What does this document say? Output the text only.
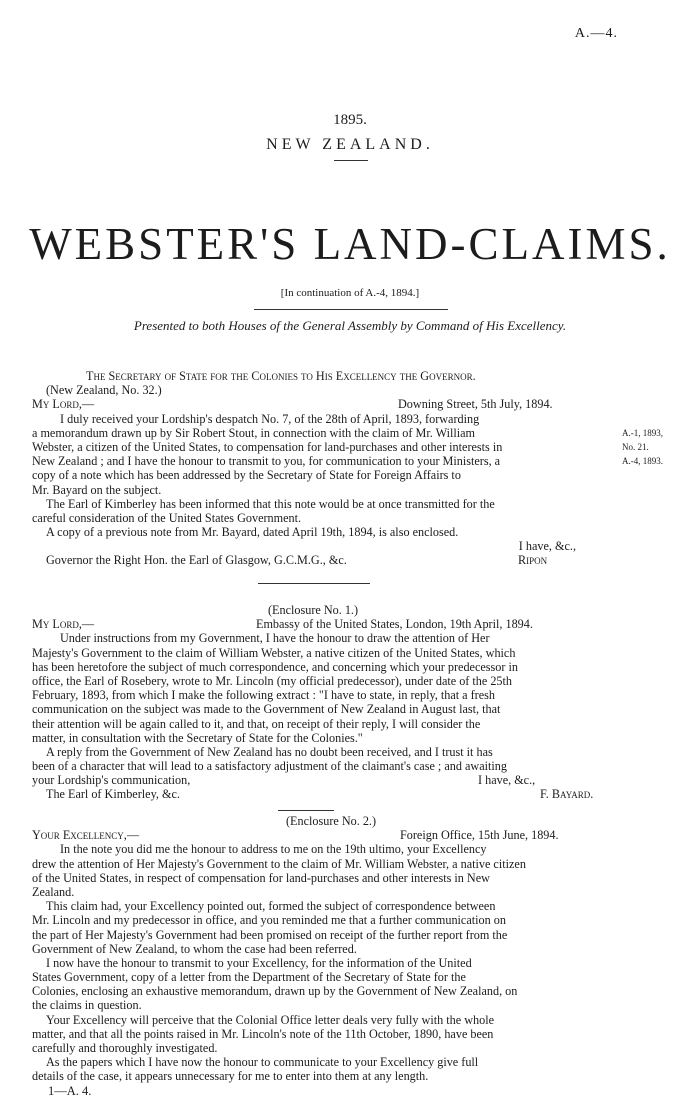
A.—4.
1895.
NEW ZEALAND.
WEBSTER'S LAND-CLAIMS.
[In continuation of A.-4, 1894.]
Presented to both Houses of the General Assembly by Command of His Excellency.
The Secretary of State for the Colonies to His Excellency the Governor.
(New Zealand, No. 32.)
My Lord,—	Downing Street, 5th July, 1894.
I duly received your Lordship's despatch No. 7, of the 28th of April, 1893, forwarding
a memorandum drawn up by Sir Robert Stout, in connection with the claim of Mr. William
Webster, a citizen of the United States, to compensation for land-purchases and other interests in
New Zealand ; and I have the honour to transmit to you, for communication to your Ministers, a
copy of a note which has been addressed by the Secretary of State for Foreign Affairs to
Mr. Bayard on the subject.
The Earl of Kimberley has been informed that this note would be at once transmitted for the
careful consideration of the United States Government.
A copy of a previous note from Mr. Bayard, dated April 19th, 1894, is also enclosed.
I have, &c.,
Governor the Right Hon. the Earl of Glasgow, G.C.M.G., &c.	Ripon
A.-1, 1893,
No. 21.
A.-4, 1893.
(Enclosure No. 1.)
My Lord,—	Embassy of the United States, London, 19th April, 1894.
Under instructions from my Government, I have the honour to draw the attention of Her
Majesty's Government to the claim of William Webster, a native citizen of the United States, which
has been heretofore the subject of much correspondence, and concerning which your predecessor in
office, the Earl of Rosebery, wrote to Mr. Lincoln (my official predecessor), under date of the 25th
February, 1893, from which I make the following extract : "I have to state, in reply, that a fresh
communication on the subject was made to the Government of New Zealand in August last, that
their attention will be again called to it, and that, on receipt of their reply, I will consider the
matter, in consultation with the Secretary of State for the Colonies."
A reply from the Government of New Zealand has no doubt been received, and I trust it has
been of a character that will lead to a satisfactory adjustment of the claimant's case ; and awaiting
your Lordship's communication,	I have, &c.,
The Earl of Kimberley, &c.	F. Bayard.
(Enclosure No. 2.)
Your Excellency,—	Foreign Office, 15th June, 1894.
In the note you did me the honour to address to me on the 19th ultimo, your Excellency
drew the attention of Her Majesty's Government to the claim of Mr. William Webster, a native citizen
of the United States, in respect of compensation for land-purchases and other interests in New
Zealand.
This claim had, your Excellency pointed out, formed the subject of correspondence between
Mr. Lincoln and my predecessor in office, and you reminded me that a further communication on
the part of Her Majesty's Government had been promised on receipt of the further report from the
Government of New Zealand, to whom the case had been referred.
I now have the honour to transmit to your Excellency, for the information of the United
States Government, copy of a letter from the Department of the Secretary of State for the
Colonies, enclosing an exhaustive memorandum, drawn up by the Government of New Zealand, on
the claims in question.
Your Excellency will perceive that the Colonial Office letter deals very fully with the whole
matter, and that all the points raised in Mr. Lincoln's note of the 11th October, 1890, have been
carefully and thoroughly investigated.
As the papers which I have now the honour to communicate to your Excellency give full
details of the case, it appears unnecessary for me to enter into them at any length.
1—A. 4.
